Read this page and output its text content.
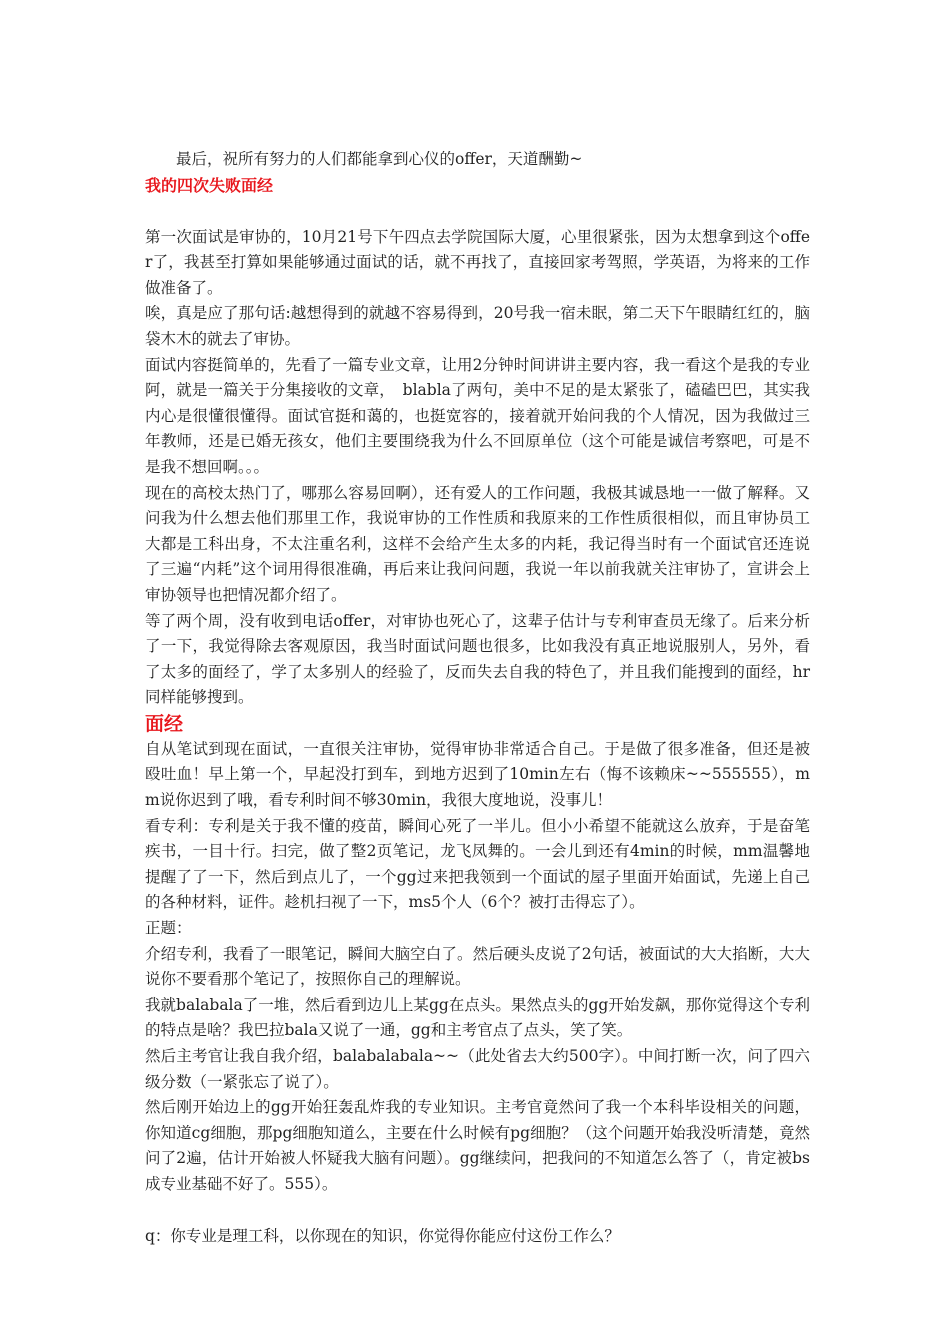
最后，祝所有努力的人们都能拿到心仪的offer，天道酬勤~

我的四次失败面经

第一次面试是审协的，10月21号下午四点去学院国际大厦，心里很紧张，因为太想拿到这个offer了，我甚至打算如果能够通过面试的话，就不再找了，直接回家考驾照，学英语，为将来的工作做准备了。

唉，真是应了那句话:越想得到的就越不容易得到，20号我一宿未眠，第二天下午眼睛红红的，脑袋木木的就去了审协。

面试内容挺简单的，先看了一篇专业文章，让用2分钟时间讲讲主要内容，我一看这个是我的专业阿，就是一篇关于分集接收的文章，　blabla了两句，美中不足的是太紧张了，磕磕巴巴，其实我内心是很懂很懂得。面试官挺和蔼的，也挺宽容的，接着就开始问我的个人情况，因为我做过三年教师，还是已婚无孩女，他们主要围绕我为什么不回原单位（这个可能是诚信考察吧，可是不是我不想回啊。。。

现在的高校太热门了，哪那么容易回啊），还有爱人的工作问题，我极其诚恳地一一做了解释。又问我为什么想去他们那里工作，我说审协的工作性质和我原来的工作性质很相似，而且审协员工大都是工科出身，不太注重名利，这样不会给产生太多的内耗，我记得当时有一个面试官还连说了三遍“内耗”这个词用得很准确，再后来让我问问题，我说一年以前我就关注审协了，宣讲会上审协领导也把情况都介绍了。

等了两个周，没有收到电话offer，对审协也死心了，这辈子估计与专利审查员无缘了。后来分析了一下，我觉得除去客观原因，我当时面试问题也很多，比如我没有真正地说服别人，另外，看了太多的面经了，学了太多别人的经验了，反而失去自我的特色了，并且我们能搜到的面经，hr同样能够搜到。

面经

自从笔试到现在面试，一直很关注审协，觉得审协非常适合自己。于是做了很多准备，但还是被殴吐血！早上第一个，早起没打到车，到地方迟到了10min左右（悔不该赖床~~555555），mm说你迟到了哦，看专利时间不够30min，我很大度地说，没事儿！

看专利：专利是关于我不懂的疫苗，瞬间心死了一半儿。但小小希望不能就这么放弃，于是奋笔疾书，一目十行。扫完，做了整2页笔记，龙飞凤舞的。一会儿到还有4min的时候，mm温馨地提醒了了一下，然后到点儿了，一个gg过来把我领到一个面试的屋子里面开始面试，先递上自己的各种材料，证件。趁机扫视了一下，ms5个人（6个？被打击得忘了）。

正题：

介绍专利，我看了一眼笔记，瞬间大脑空白了。然后硬头皮说了2句话，被面试的大大掐断，大大说你不要看那个笔记了，按照你自己的理解说。

我就balabala了一堆，然后看到边儿上某gg在点头。果然点头的gg开始发飙，那你觉得这个专利的特点是啥？我巴拉bala又说了一通，gg和主考官点了点头，笑了笑。

然后主考官让我自我介绍，balabalabala~~（此处省去大约500字）。中间打断一次，问了四六级分数（一紧张忘了说了）。

然后刚开始边上的gg开始狂轰乱炸我的专业知识。主考官竟然问了我一个本科毕设相关的问题，你知道cg细胞，那pg细胞知道么，主要在什么时候有pg细胞？（这个问题开始我没听清楚，竟然问了2遍，估计开始被人怀疑我大脑有问题）。gg继续问，把我问的不知道怎么答了（，肯定被bs成专业基础不好了。555）。

q：你专业是理工科，以你现在的知识，你觉得你能应付这份工作么？
